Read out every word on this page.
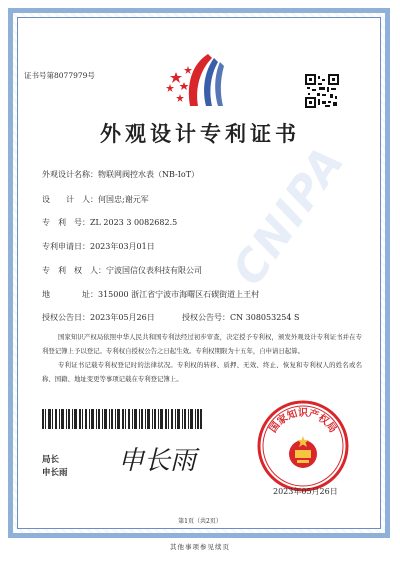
CNIPA
证书号第8077979号
外观设计专利证书
外观设计名称：物联网阀控水表（NB-IoT）
设　　计　人：何国忠;谢元军
专　利　号：ZL 2023 3 0082682.5
专利申请日：2023年03月01日
专　利　权　人：宁波国信仪表科技有限公司
地　　　　址：315000 浙江省宁波市海曙区石碶街道上王村
授权公告日：2023年05月26日	授权公告号：CN 308053254 S

国家知识产权局依照中华人民共和国专利法经过初步审查，决定授予专利权，颁发外观设计专利证书并在专利登记簿上予以登记。专利权自授权公告之日起生效。专利权期限为十五年，自申请日起算。

专利证书记载专利权登记时的法律状况。专利权的转移、质押、无效、终止、恢复和专利权人的姓名或名称、国籍、地址变更等事项记载在专利登记簿上。

局长
申长雨 申长雨
国家知识产权局
2023年05月26日
第1页（共2页）
其他事项参见续页
